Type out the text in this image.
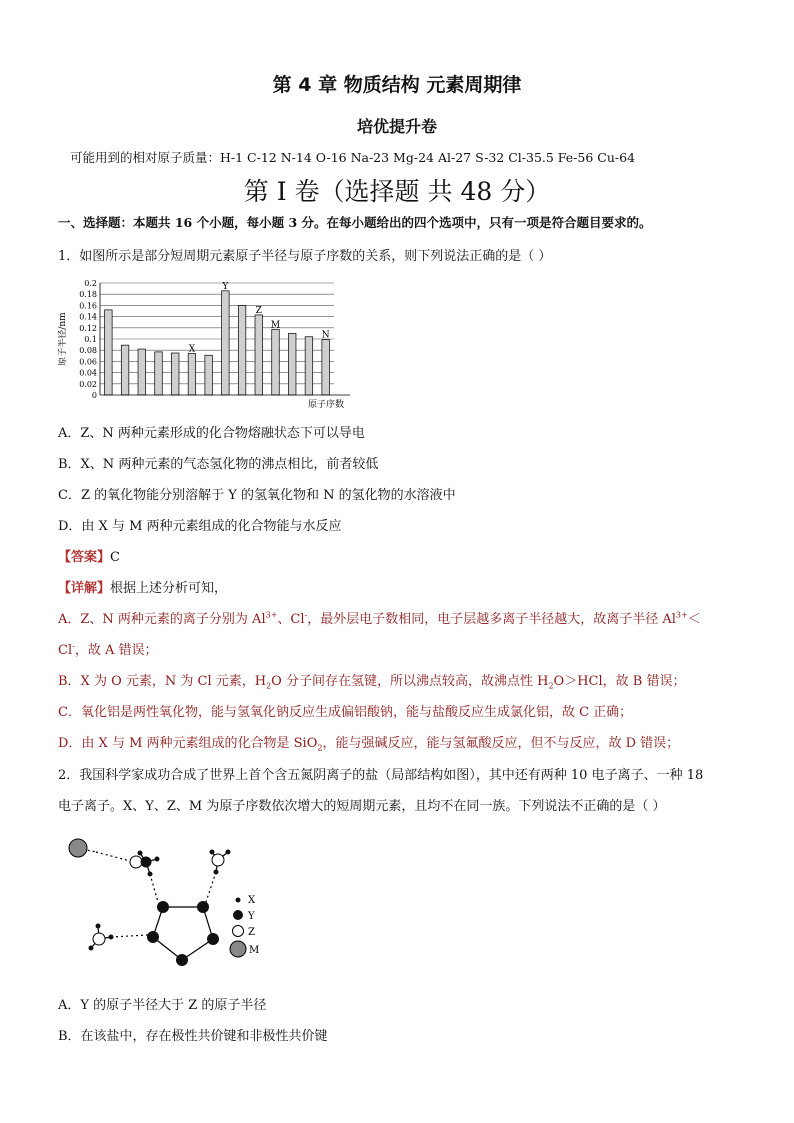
第 4 章 物质结构 元素周期律
培优提升卷
可能用到的相对原子质量：H-1 C-12 N-14 O-16 Na-23 Mg-24 Al-27 S-32 Cl-35.5 Fe-56 Cu-64
第 I 卷（选择题 共 48 分）
一、选择题：本题共 16 个小题，每小题 3 分。在每小题给出的四个选项中，只有一项是符合题目要求的。
1．如图所示是部分短周期元素原子半径与原子序数的关系，则下列说法正确的是（ ）
0
0.02
0.04
0.06
0.08
0.1
0.12
0.14
0.16
0.18
0.2
X
Y
Z
M
N
原子半径/nm
原子序数
A．Z、N 两种元素形成的化合物熔融状态下可以导电
B．X、N 两种元素的气态氢化物的沸点相比，前者较低
C．Z 的氧化物能分别溶解于 Y 的氢氧化物和 N 的氢化物的水溶液中
D．由 X 与 M 两种元素组成的化合物能与水反应
【答案】C
【详解】根据上述分析可知，
A．Z、N 两种元素的离子分别为 $Al^{3+}$、Cl-，最外层电子数相同，电子层越多离子半径越大，故离子半径 $Al^{3+}<$
Cl-，故 A 错误；
B．X 为 O 元素，N 为 Cl 元素，$H_2O$ 分子间存在氢键，所以沸点较高，故沸点性 $H_2O>HCl$，故 B 错误；
C．氧化铝是两性氧化物，能与氢氧化钠反应生成偏铝酸钠，能与盐酸反应生成氯化铝，故 C 正确；
D．由 X 与 M 两种元素组成的化合物是 SiO$_2$，能与强碱反应，能与氢氟酸反应，但不与反应，故 D 错误；
2．我国科学家成功合成了世界上首个含五氮阴离子的盐（局部结构如图），其中还有两种 10 电子离子、一种 18
电子离子。X、Y、Z、M 为原子序数依次增大的短周期元素，且均不在同一族。下列说法不正确的是（ ）
X
Y
Z
M
A．Y 的原子半径大于 Z 的原子半径
B．在该盐中，存在极性共价键和非极性共价键
